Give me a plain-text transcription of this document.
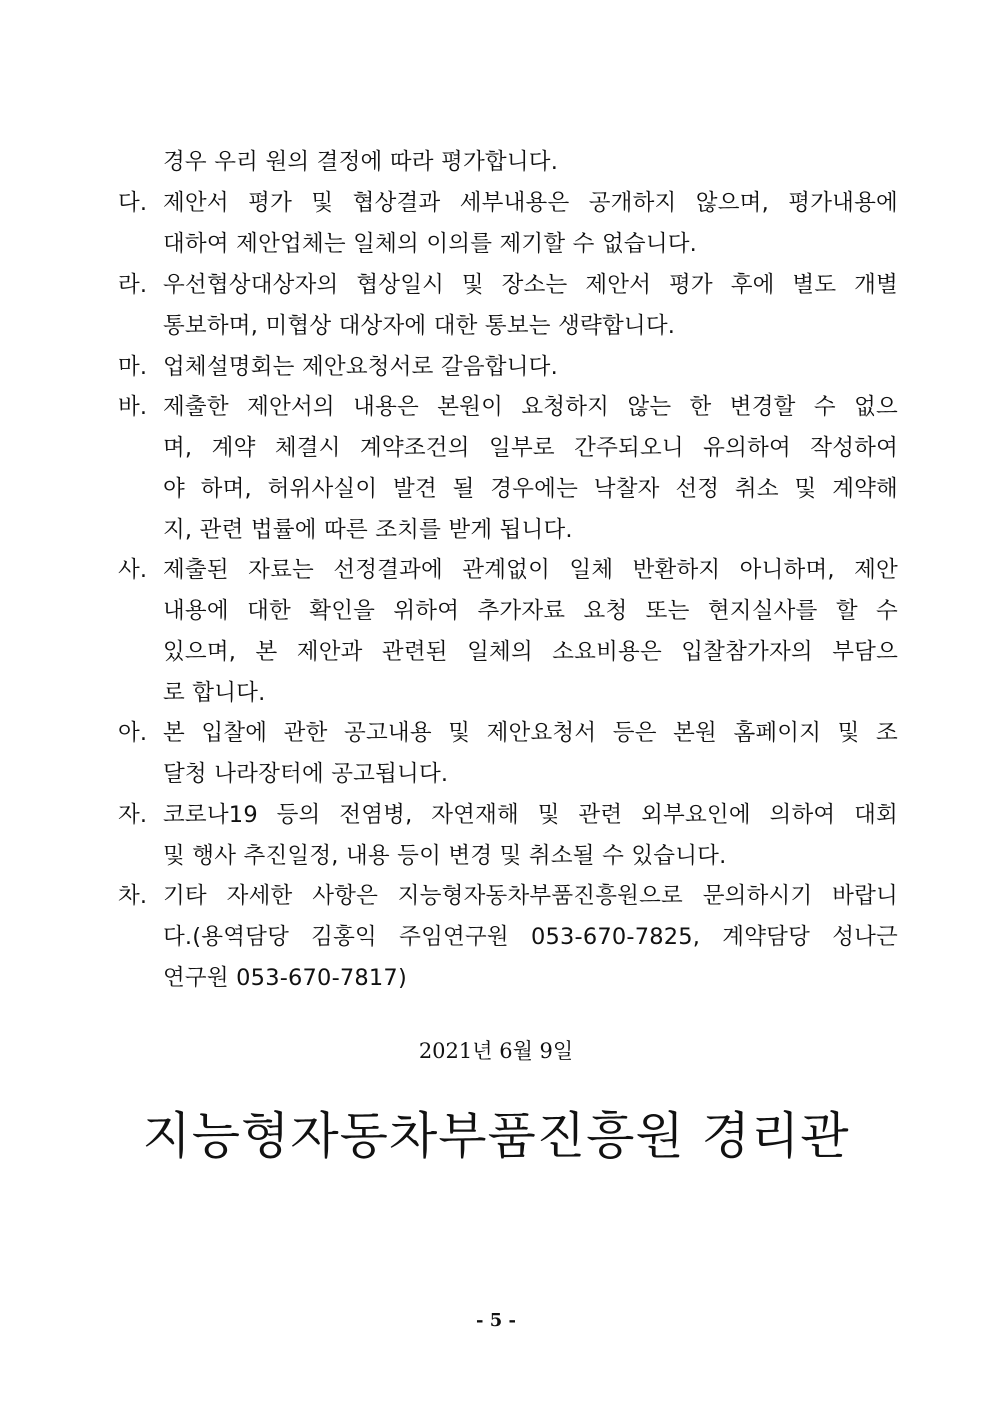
경우 우리 원의 결정에 따라 평가합니다.
다. 제안서 평가 및 협상결과 세부내용은 공개하지 않으며, 평가내용에
대하여 제안업체는 일체의 이의를 제기할 수 없습니다.
라. 우선협상대상자의 협상일시 및 장소는 제안서 평가 후에 별도 개별
통보하며, 미협상 대상자에 대한 통보는 생략합니다.
마. 업체설명회는 제안요청서로 갈음합니다.
바. 제출한 제안서의 내용은 본원이 요청하지 않는 한 변경할 수 없으
며, 계약 체결시 계약조건의 일부로 간주되오니 유의하여 작성하여
야 하며, 허위사실이 발견 될 경우에는 낙찰자 선정 취소 및 계약해
지, 관련 법률에 따른 조치를 받게 됩니다.
사. 제출된 자료는 선정결과에 관계없이 일체 반환하지 아니하며, 제안
내용에 대한 확인을 위하여 추가자료 요청 또는 현지실사를 할 수
있으며, 본 제안과 관련된 일체의 소요비용은 입찰참가자의 부담으
로 합니다.
아. 본 입찰에 관한 공고내용 및 제안요청서 등은 본원 홈페이지 및 조
달청 나라장터에 공고됩니다.
자. 코로나19 등의 전염병, 자연재해 및 관련 외부요인에 의하여 대회
및 행사 추진일정, 내용 등이 변경 및 취소될 수 있습니다.
차. 기타 자세한 사항은 지능형자동차부품진흥원으로 문의하시기 바랍니
다.(용역담당 김홍익 주임연구원 053-670-7825, 계약담당 성나근
연구원 053-670-7817)
2021년 6월 9일
지능형자동차부품진흥원 경리관
- 5 -
